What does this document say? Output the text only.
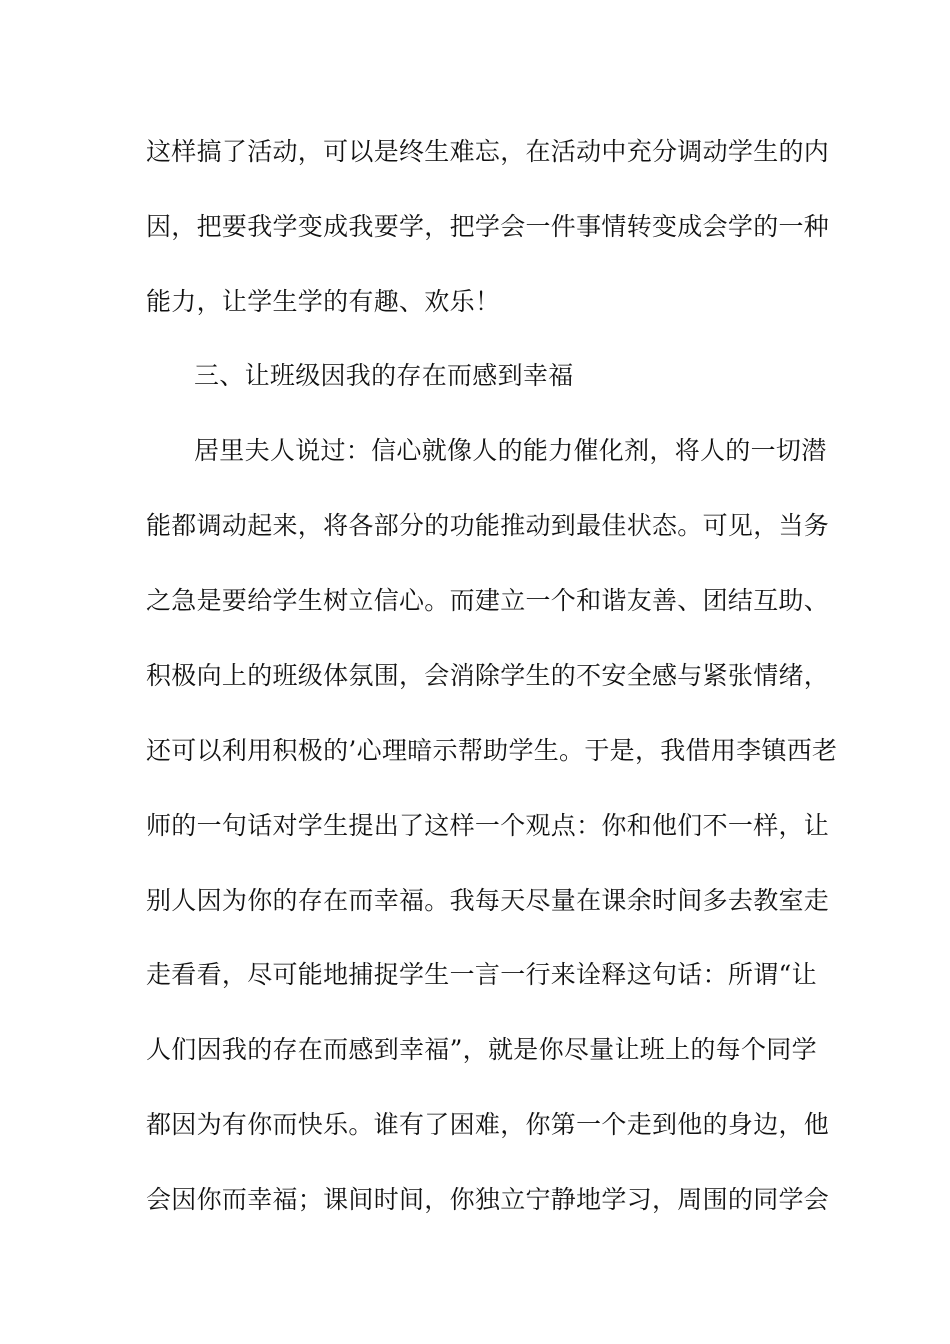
这样搞了活动，可以是终生难忘，在活动中充分调动学生的内

因，把要我学变成我要学，把学会一件事情转变成会学的一种

能力，让学生学的有趣、欢乐！

三、让班级因我的存在而感到幸福

居里夫人说过：信心就像人的能力催化剂，将人的一切潜

能都调动起来，将各部分的功能推动到最佳状态。可见，当务

之急是要给学生树立信心。而建立一个和谐友善、团结互助、

积极向上的班级体氛围，会消除学生的不安全感与紧张情绪，

还可以利用积极的’心理暗示帮助学生。于是，我借用李镇西老

师的一句话对学生提出了这样一个观点：你和他们不一样，让

别人因为你的存在而幸福。我每天尽量在课余时间多去教室走

走看看，尽可能地捕捉学生一言一行来诠释这句话：所谓“让

人们因我的存在而感到幸福”，就是你尽量让班上的每个同学

都因为有你而快乐。谁有了困难，你第一个走到他的身边，他

会因你而幸福；课间时间，你独立宁静地学习，周围的同学会
